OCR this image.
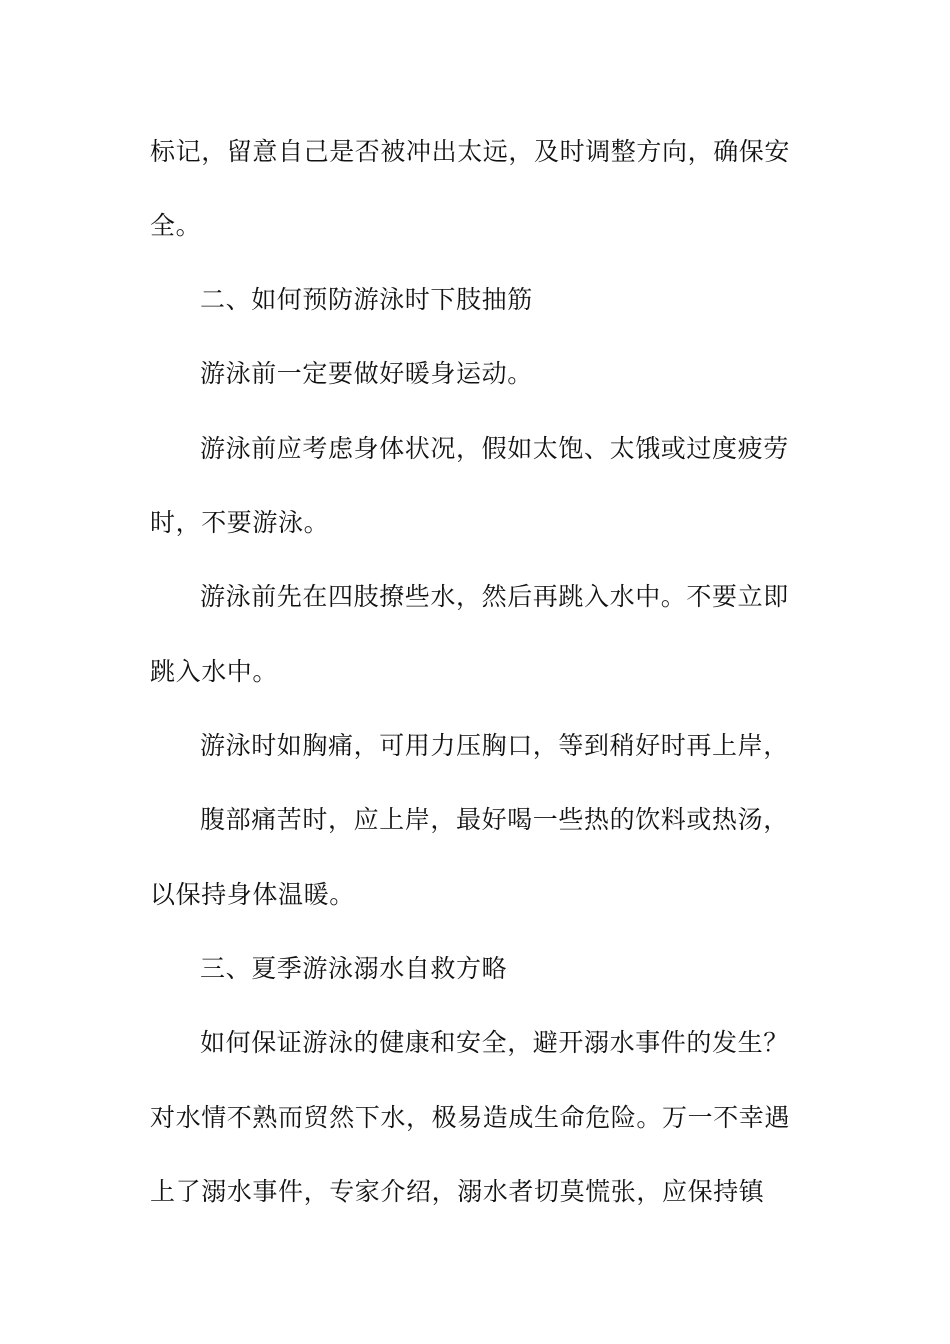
标记，留意自己是否被冲出太远，及时调整方向，确保安
全。
二、如何预防游泳时下肢抽筋
游泳前一定要做好暖身运动。
游泳前应考虑身体状况，假如太饱、太饿或过度疲劳
时，不要游泳。
游泳前先在四肢撩些水，然后再跳入水中。不要立即
跳入水中。
游泳时如胸痛，可用力压胸口，等到稍好时再上岸，
腹部痛苦时，应上岸，最好喝一些热的饮料或热汤，
以保持身体温暖。
三、夏季游泳溺水自救方略
如何保证游泳的健康和安全，避开溺水事件的发生？
对水情不熟而贸然下水，极易造成生命危险。万一不幸遇
上了溺水事件，专家介绍，溺水者切莫慌张，应保持镇
